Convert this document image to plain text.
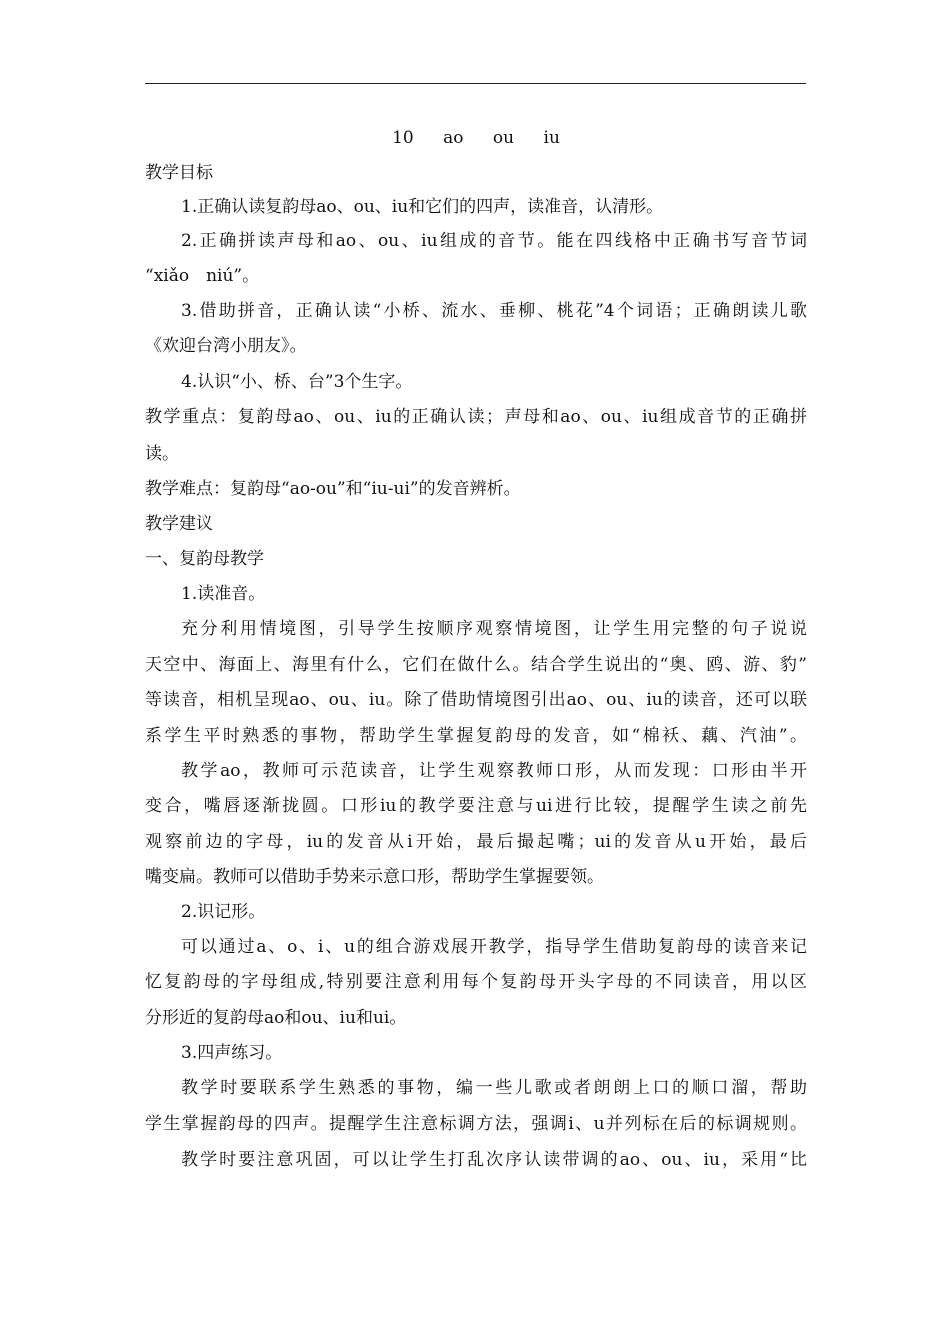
10 ao ou iu
教学目标
1.正确认读复韵母ao、ou、iu和它们的四声，读准音，认清形。
2.正确拼读声母和ao、ou、iu组成的音节。能在四线格中正确书写音节词
“xiǎo　niú”。
3.借助拼音，正确认读“小桥、流水、垂柳、桃花”4个词语；正确朗读儿歌
《欢迎台湾小朋友》。
4.认识“小、桥、台”3个生字。
教学重点：复韵母ao、ou、iu的正确认读；声母和ao、ou、iu组成音节的正确拼
读。
教学难点：复韵母“ao-ou”和“iu-ui”的发音辨析。
教学建议
一、复韵母教学
1.读准音。
充分利用情境图，引导学生按顺序观察情境图，让学生用完整的句子说说
天空中、海面上、海里有什么，它们在做什么。结合学生说出的“奥、鸥、游、豹”
等读音，相机呈现ao、ou、iu。除了借助情境图引出ao、ou、iu的读音，还可以联
系学生平时熟悉的事物，帮助学生掌握复韵母的发音，如“棉袄、藕、汽油”。
教学ao，教师可示范读音，让学生观察教师口形，从而发现：口形由半开
变合，嘴唇逐渐拢圆。口形iu的教学要注意与ui进行比较，提醒学生读之前先
观察前边的字母，iu的发音从i开始，最后撮起嘴；ui的发音从u开始，最后
嘴变扁。教师可以借助手势来示意口形，帮助学生掌握要领。
2.识记形。
可以通过a、o、i、u的组合游戏展开教学，指导学生借助复韵母的读音来记
忆复韵母的字母组成,特别要注意利用每个复韵母开头字母的不同读音，用以区
分形近的复韵母ao和ou、iu和ui。
3.四声练习。
教学时要联系学生熟悉的事物，编一些儿歌或者朗朗上口的顺口溜，帮助
学生掌握韵母的四声。提醒学生注意标调方法，强调i、u并列标在后的标调规则。
教学时要注意巩固，可以让学生打乱次序认读带调的ao、ou、iu，采用“比
